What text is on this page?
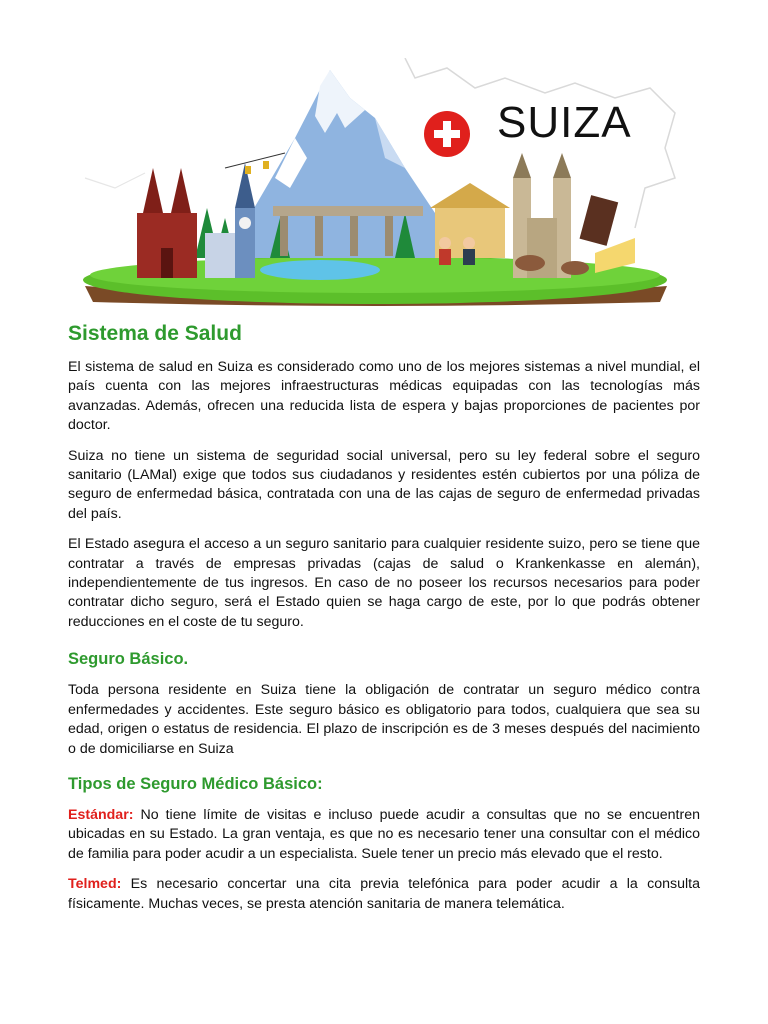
SUIZA
Sistema de Salud

El sistema de salud en Suiza es considerado como uno de los mejores sistemas a nivel mundial, el país cuenta con las mejores infraestructuras médicas equipadas con las tecnologías más avanzadas. Además, ofrecen una reducida lista de espera y bajas proporciones de pacientes por doctor.

Suiza no tiene un sistema de seguridad social universal, pero su ley federal sobre el seguro sanitario (LAMal) exige que todos sus ciudadanos y residentes estén cubiertos por una póliza de seguro de enfermedad básica, contratada con una de las cajas de seguro de enfermedad privadas del país.

El Estado asegura el acceso a un seguro sanitario para cualquier residente suizo, pero se tiene que contratar a través de empresas privadas (cajas de salud o Krankenkasse en alemán), independientemente de tus ingresos. En caso de no poseer los recursos necesarios para poder contratar dicho seguro, será el Estado quien se haga cargo de este, por lo que podrás obtener reducciones en el coste de tu seguro.

Seguro Básico.

Toda persona residente en Suiza tiene la obligación de contratar un seguro médico contra enfermedades y accidentes. Este seguro básico es obligatorio para todos, cualquiera que sea su edad, origen o estatus de residencia. El plazo de inscripción es de 3 meses después del nacimiento o de domiciliarse en Suiza

Tipos de Seguro Médico Básico:

Estándar: No tiene límite de visitas e incluso puede acudir a consultas que no se encuentren ubicadas en su Estado. La gran ventaja, es que no es necesario tener una consultar con el médico de familia para poder acudir a un especialista. Suele tener un precio más elevado que el resto.

Telmed: Es necesario concertar una cita previa telefónica para poder acudir a la consulta físicamente. Muchas veces, se presta atención sanitaria de manera telemática.
